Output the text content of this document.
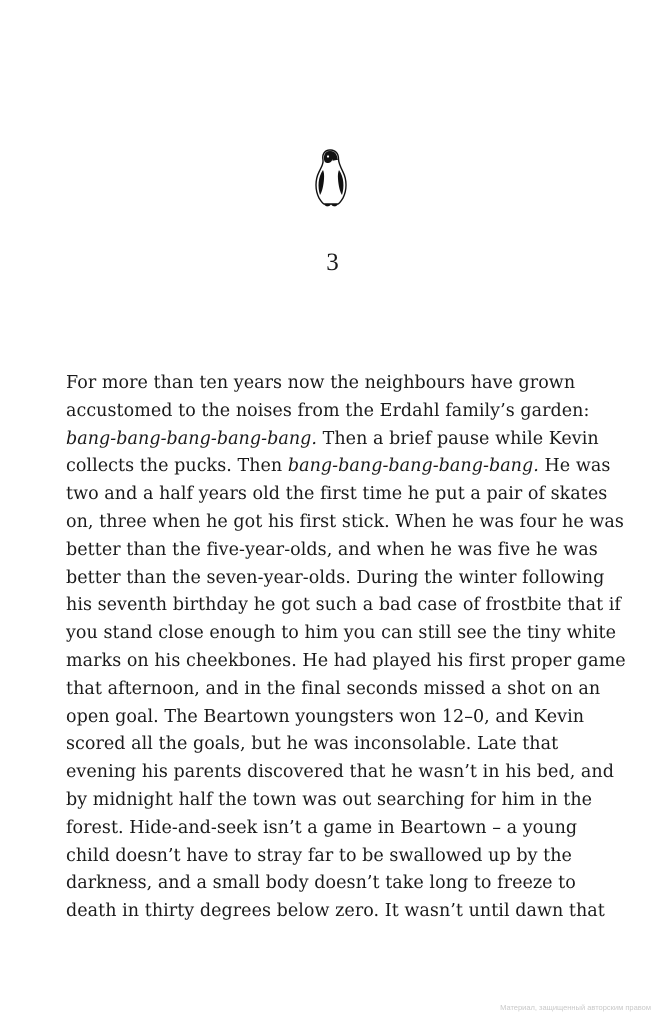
3
For more than ten years now the neighbours have grown
accustomed to the noises from the Erdahl family’s garden:
bang-bang-bang-bang-bang. Then a brief pause while Kevin
collects the pucks. Then bang-bang-bang-bang-bang. He was
two and a half years old the first time he put a pair of skates
on, three when he got his first stick. When he was four he was
better than the five-year-olds, and when he was five he was
better than the seven-year-olds. During the winter following
his seventh birthday he got such a bad case of frostbite that if
you stand close enough to him you can still see the tiny white
marks on his cheekbones. He had played his first proper game
that afternoon, and in the final seconds missed a shot on an
open goal. The Beartown youngsters won 12–0, and Kevin
scored all the goals, but he was inconsolable. Late that
evening his parents discovered that he wasn’t in his bed, and
by midnight half the town was out searching for him in the
forest. Hide-and-seek isn’t a game in Beartown – a young
child doesn’t have to stray far to be swallowed up by the
darkness, and a small body doesn’t take long to freeze to
death in thirty degrees below zero. It wasn’t until dawn that
Материал, защищенный авторским правом
